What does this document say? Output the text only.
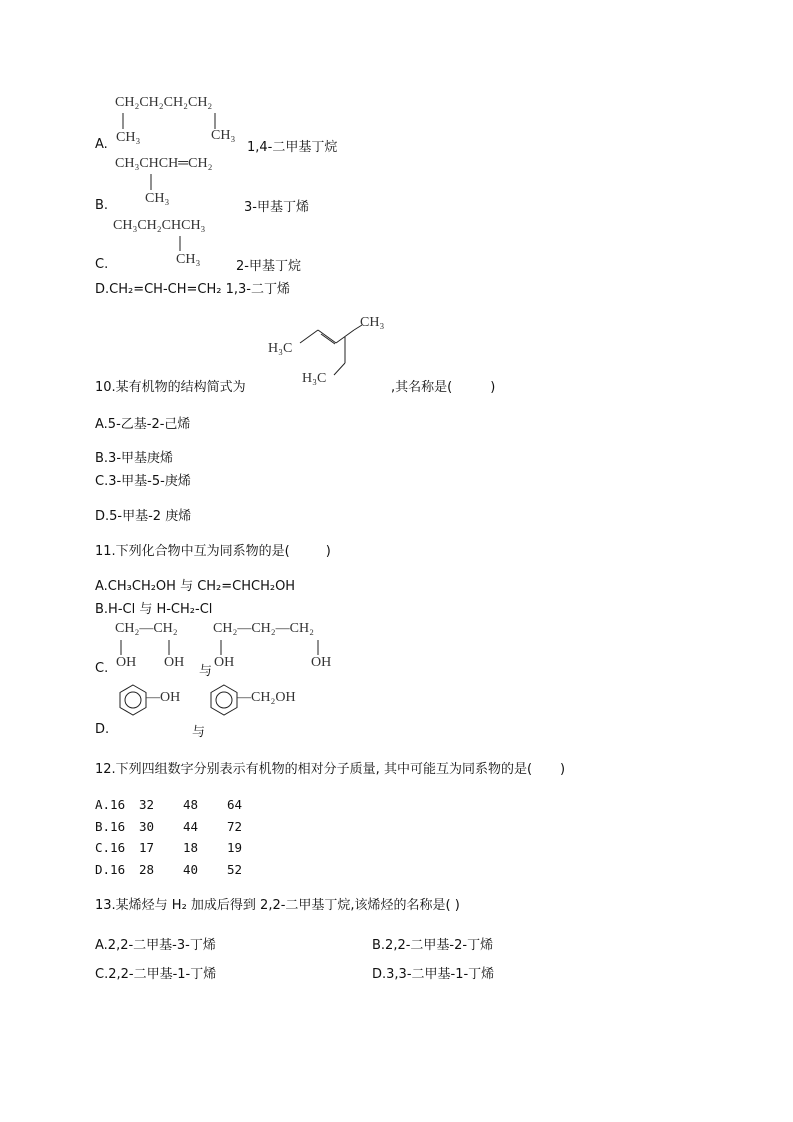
CH₂CH₂CH₂CH₂
CH₃
A.
CH₃
1,4-二甲基丁烷
CH₃CHCH═CH₂
CH₃
B.	3-甲基丁烯
CH₃CH₂CHCH₃
CH₃
C.	2-甲基丁烷
D.CH₂=CH-CH=CH₂ 1,3-二丁烯
H₃C
CH₃
H₃C
10.某有机物的结构简式为	,其名称是(	)
A.5-乙基-2-己烯
B.3-甲基庚烯
C.3-甲基-5-庚烯
D.5-甲基-2 庚烯
11.下列化合物中互为同系物的是(	)
A.CH₃CH₂OH 与 CH₂=CHCH₂OH
B.H-Cl 与 H-CH₂-Cl
CH₂—CH₂	CH₂—CH₂—CH₂
OH OH
C.	与
OH	OH
—OH	—CH₂OH
D.	与
12.下列四组数字分别表示有机物的相对分子质量, 其中可能互为同系物的是( )
A.16 32 48 64
B.16 30 44 72
C.16 17 18 19
D.16 28 40 52
13.某烯烃与 H₂ 加成后得到 2,2-二甲基丁烷,该烯烃的名称是( )
A.2,2-二甲基-3-丁烯	B.2,2-二甲基-2-丁烯
C.2,2-二甲基-1-丁烯	D.3,3-二甲基-1-丁烯
